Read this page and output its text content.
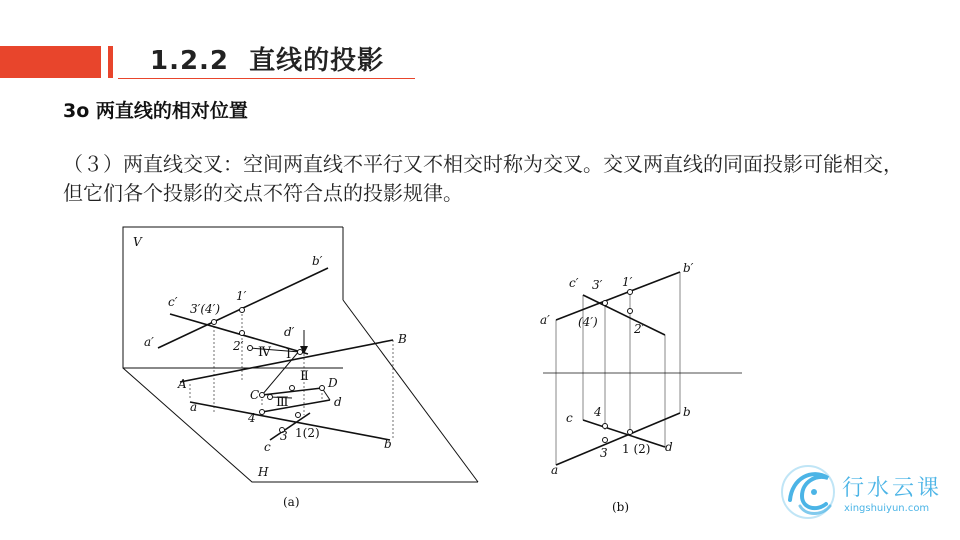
1.2.2 直线的投影
3o 两直线的相对位置
（３）两直线交叉：空间两直线不平行又不相交时称为交叉。交叉两直线的同面投影可能相交，但它们各个投影的交点不符合点的投影规律。
V
b′
c′	1′
3′(4′)
d′
a′	2′	B
Ⅳ Ⅰ
Ⅱ
A	D
C Ⅲ
a	d
4
3 1(2)
c	b
H
(a)
c′ 3′ 1′
b′
a′ (4′)	2′
c 4	b
a
3 1 (2) d
(b)
行水云课
xingshuiyun.com
